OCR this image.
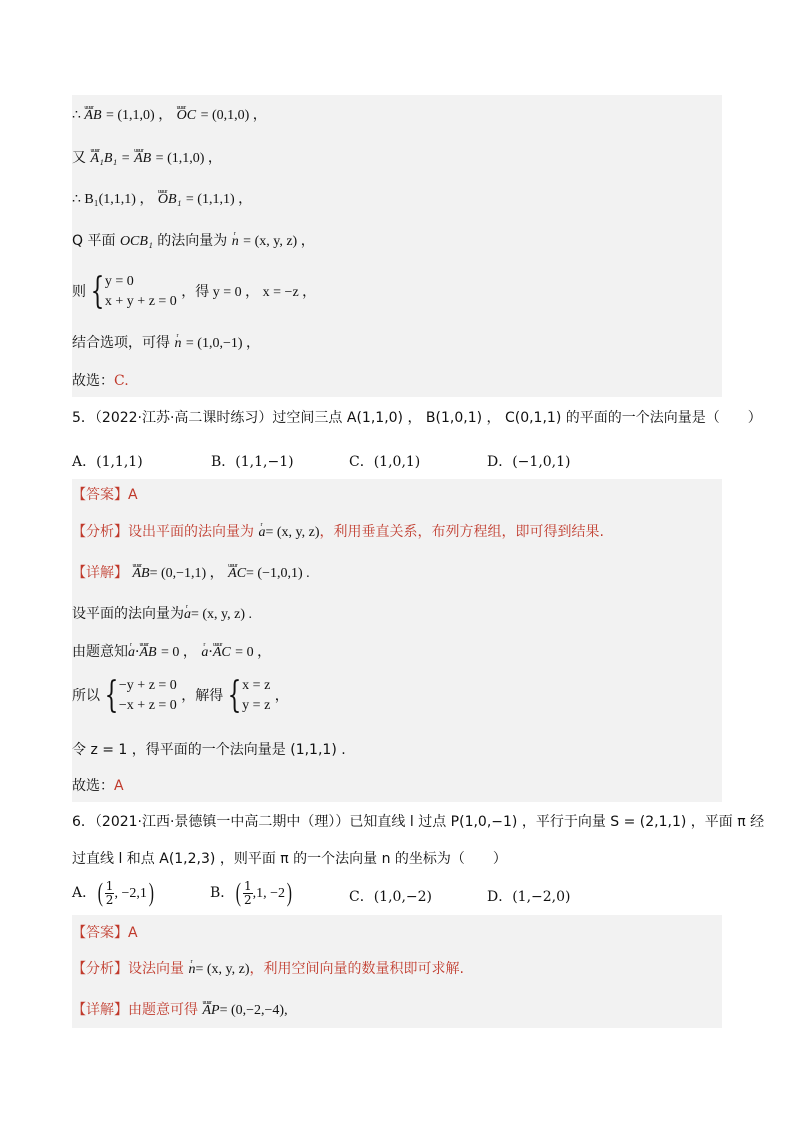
∴ uuur AB = (1,1,0) ， uuur OC = (0,1,0) ，
又 uuur A₁B₁ = uuur AB = (1,1,0) ，
∴ B₁(1,1,1) ， uuur OB₁ = (1,1,1) ，
Q 平面 OCB₁ 的法向量为 r n = (x, y, z) ，
则 {y = 0
x + y + z = 0 ，得 y = 0 ， x = −z ，
结合选项，可得 r n = (1,0,−1) ，
故选：C.
5．（2022·江苏·高二课时练习）过空间三点 A(1,1,0) ， B(1,0,1) ， C(0,1,1) 的平面的一个法向量是（　　）
A．(1,1,1)	B．(1,1,−1)	C．(1,0,1)	D．(−1,0,1)
【答案】A
【分析】设出平面的法向量为 r a= (x, y, z)，利用垂直关系，布列方程组，即可得到结果.
【详解】 uuur AB= (0,−1,1) ， uuur AC= (−1,0,1) .
设平面的法向量为r a= (x, y, z) .
由题意知r a·uuur AB = 0 ， r a·uuur AC = 0 ，
所以 {−y + z = 0
−x + z = 0 ，解得 {x = z
y = z ，
令 z = 1 ，得平面的一个法向量是 (1,1,1) .
故选：A
6．（2021·江西·景德镇一中高二期中（理））已知直线 l 过点 P(1,0,−1) ，平行于向量 S = (2,1,1) ，平面 π 经
过直线 l 和点 A(1,2,3) ，则平面 π 的一个法向量 n 的坐标为（　　）
A．( $\frac{1}{2}$ , −2,1)	B．( $\frac{1}{2} ,1$, −2)	C．(1,0,−2)	D．(1,−2,0)
【答案】A
【分析】设法向量 r n= (x, y, z)，利用空间向量的数量积即可求解.
【详解】由题意可得 uuur AP= (0,−2,−4),
